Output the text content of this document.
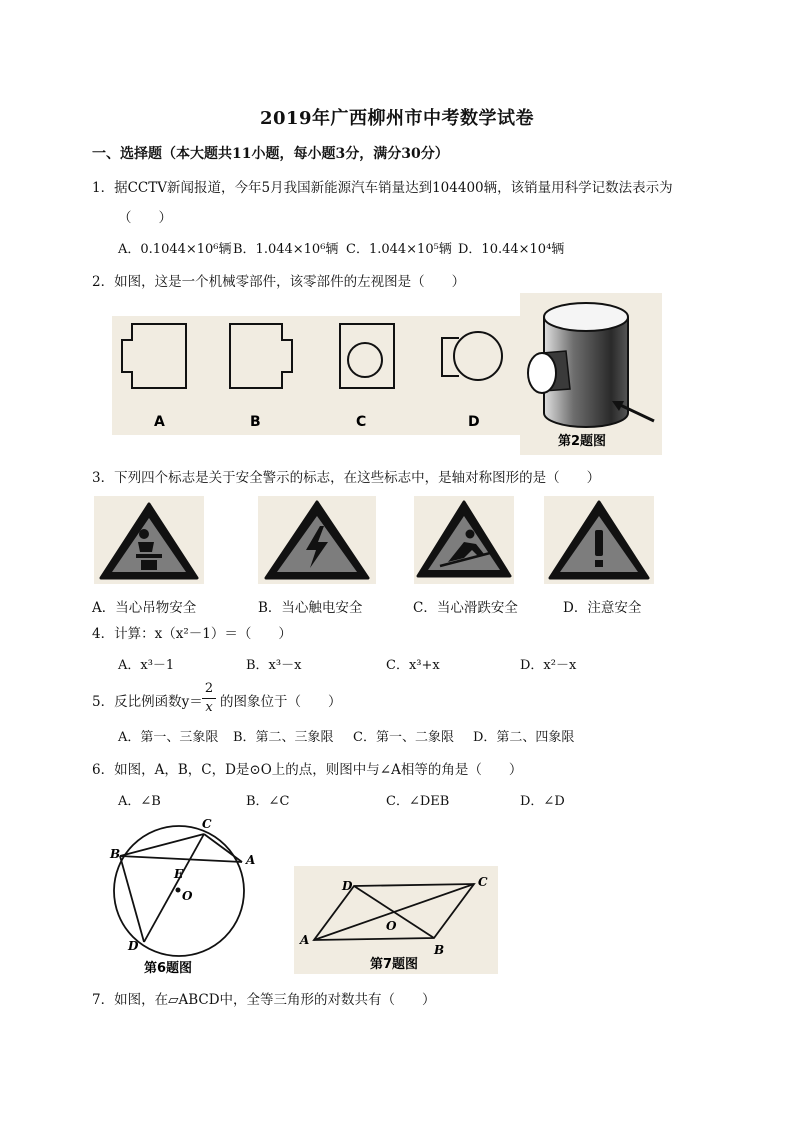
2019年广西柳州市中考数学试卷
一、选择题（本大题共11小题，每小题3分，满分30分）
1．据CCTV新闻报道，今年5月我国新能源汽车销量达到104400辆，该销量用科学记数法表示为
（　　）
A．0.1044×10⁶辆 B．1.044×10⁶辆 C．1.044×10⁵辆 D．10.44×10⁴辆
2．如图，这是一个机械零部件，该零部件的左视图是（　　）
A	B	C	D
第2题图
3．下列四个标志是关于安全警示的标志，在这些标志中，是轴对称图形的是（　　）
A．当心吊物安全	B．当心触电安全	C．当心滑跌安全	D．注意安全
4．计算：x（x²－1）＝（　　）
A．x³－1	B．x³－x	C．x³+x	D．x²－x
5．反比例函数$y= \frac{2}{x}$ 的图象位于（　　）
A．第一、三象限 B．第二、三象限 C．第一、二象限 D．第二、四象限
6．如图，A，B，C，D是⊙O上的点，则图中与∠A相等的角是（　　）
A．∠B	B．∠C	C．∠DEB	D．∠D
A
B
C
D
E
O
第6题图
A
B
C
D
O
第7题图
7．如图，在▱ABCD中，全等三角形的对数共有（　　）
